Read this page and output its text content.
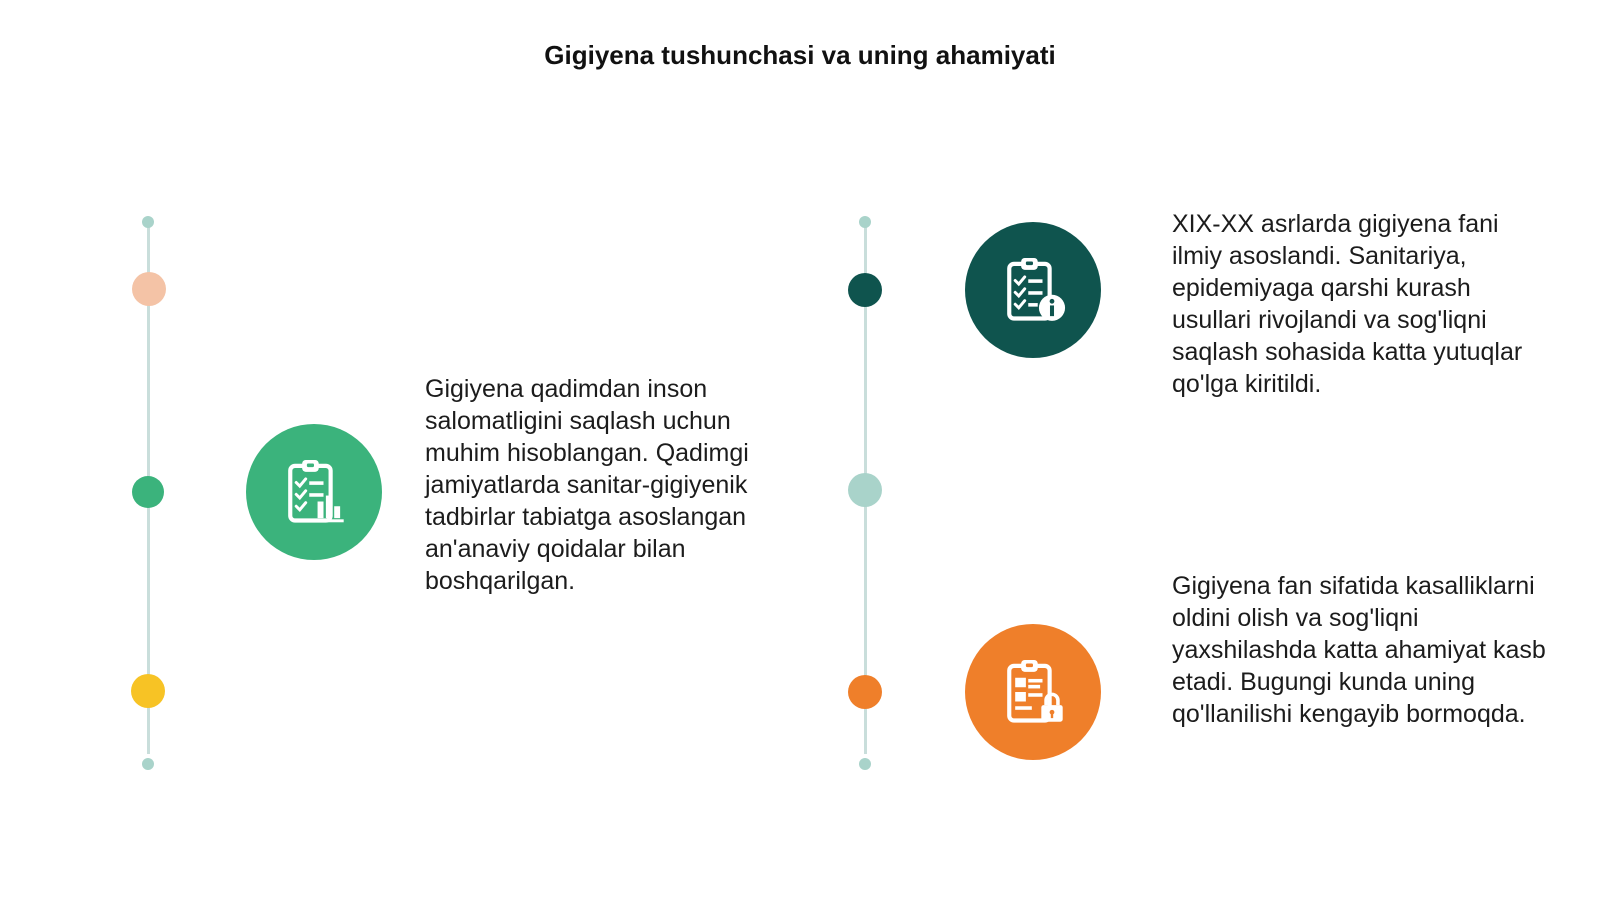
Gigiyena tushunchasi va uning ahamiyati
Gigiyena qadimdan inson salomatligini saqlash uchun muhim hisoblangan. Qadimgi jamiyatlarda sanitar-gigiyenik tadbirlar tabiatga asoslangan an'anaviy qoidalar bilan boshqarilgan.
XIX-XX asrlarda gigiyena fani ilmiy asoslandi. Sanitariya, epidemiyaga qarshi kurash usullari rivojlandi va sog'liqni saqlash sohasida katta yutuqlar qo'lga kiritildi.
Gigiyena fan sifatida kasalliklarni oldini olish va sog'liqni yaxshilashda katta ahamiyat kasb etadi. Bugungi kunda uning qo'llanilishi kengayib bormoqda.
